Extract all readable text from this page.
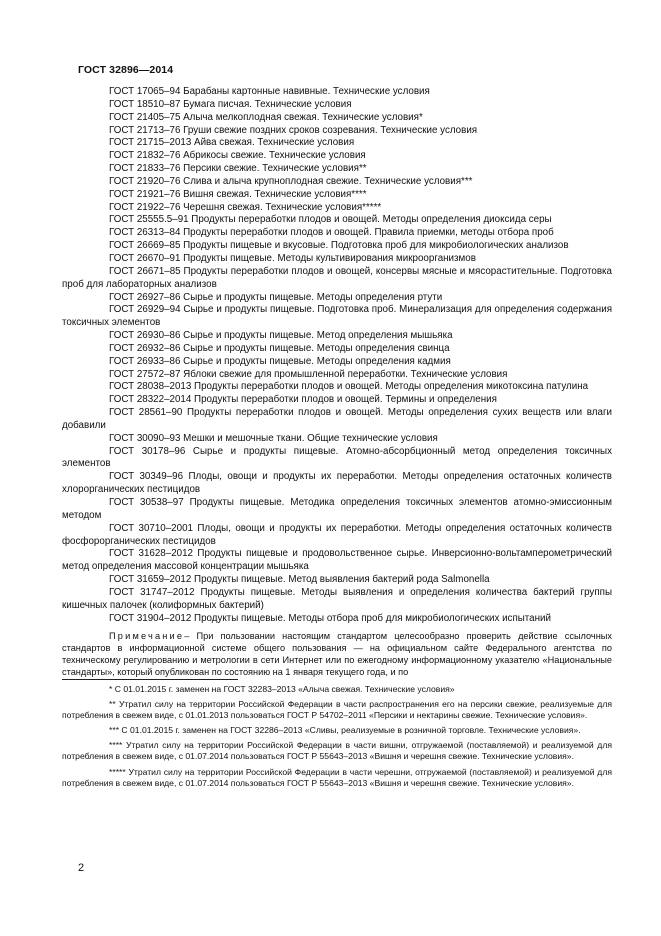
ГОСТ 32896—2014

ГОСТ 17065–94 Барабаны картонные навивные. Технические условия

ГОСТ 18510–87 Бумага писчая. Технические условия

ГОСТ 21405–75 Алыча мелкоплодная свежая. Технические условия*

ГОСТ 21713–76 Груши свежие поздних сроков созревания. Технические условия

ГОСТ 21715–2013 Айва свежая. Технические условия

ГОСТ 21832–76 Абрикосы свежие. Технические условия

ГОСТ 21833–76 Персики свежие. Технические условия**

ГОСТ 21920–76 Слива и алыча крупноплодная свежие. Технические условия***

ГОСТ 21921–76 Вишня свежая. Технические условия****

ГОСТ 21922–76 Черешня свежая. Технические условия*****

ГОСТ 25555.5–91 Продукты переработки плодов и овощей. Методы определения диоксида серы

ГОСТ 26313–84 Продукты переработки плодов и овощей. Правила приемки, методы отбора проб

ГОСТ 26669–85 Продукты пищевые и вкусовые. Подготовка проб для микробиологических анализов

ГОСТ 26670–91 Продукты пищевые. Методы культивирования микроорганизмов

ГОСТ 26671–85 Продукты переработки плодов и овощей, консервы мясные и мясорастительные. Подготовка проб для лабораторных анализов

ГОСТ 26927–86 Сырье и продукты пищевые. Методы определения ртути

ГОСТ 26929–94 Сырье и продукты пищевые. Подготовка проб. Минерализация для определения содержания токсичных элементов

ГОСТ 26930–86 Сырье и продукты пищевые. Метод определения мышьяка

ГОСТ 26932–86 Сырье и продукты пищевые. Методы определения свинца

ГОСТ 26933–86 Сырье и продукты пищевые. Методы определения кадмия

ГОСТ 27572–87 Яблоки свежие для промышленной переработки. Технические условия

ГОСТ 28038–2013 Продукты переработки плодов и овощей. Методы определения микотоксина патулина

ГОСТ 28322–2014 Продукты переработки плодов и овощей. Термины и определения

ГОСТ 28561–90 Продукты переработки плодов и овощей. Методы определения сухих веществ или влаги добавили

ГОСТ 30090–93 Мешки и мешочные ткани. Общие технические условия

ГОСТ 30178–96 Сырье и продукты пищевые. Атомно-абсорбционный метод определения токсичных элементов

ГОСТ 30349–96 Плоды, овощи и продукты их переработки. Методы определения остаточных количеств хлорорганических пестицидов

ГОСТ 30538–97 Продукты пищевые. Методика определения токсичных элементов атомно-эмиссионным методом

ГОСТ 30710–2001 Плоды, овощи и продукты их переработки. Методы определения остаточных количеств фосфорорганических пестицидов

ГОСТ 31628–2012 Продукты пищевые и продовольственное сырье. Инверсионно-вольтамперометрический метод определения массовой концентрации мышьяка

ГОСТ 31659–2012 Продукты пищевые. Метод выявления бактерий рода Salmonella

ГОСТ 31747–2012 Продукты пищевые. Методы выявления и определения количества бактерий группы кишечных палочек (колиформных бактерий)

ГОСТ 31904–2012 Продукты пищевые. Методы отбора проб для микробиологических испытаний

Примечание– При пользовании настоящим стандартом целесообразно проверить действие ссылочных стандартов в информационной системе общего пользования — на официальном сайте Федерального агентства по техническому регулированию и метрологии в сети Интернет или по ежегодному информационному указателю «Национальные стандарты», который опубликован по состоянию на 1 января текущего года, и по

* С 01.01.2015 г. заменен на ГОСТ 32283–2013 «Алыча свежая. Технические условия»

** Утратил силу на территории Российской Федерации в части распространения его на персики свежие, реализуемые для потребления в свежем виде, с 01.01.2013 пользоваться ГОСТ Р 54702–2011 «Персики и нектарины свежие. Технические условия».

*** С 01.01.2015 г. заменен на ГОСТ 32286–2013 «Сливы, реализуемые в розничной торговле. Технические условия».

**** Утратил силу на территории Российской Федерации в части вишни, отгружаемой (поставляемой) и реализуемой для потребления в свежем виде, с 01.07.2014 пользоваться ГОСТ Р 55643–2013 «Вишня и черешня свежие. Технические условия».

***** Утратил силу на территории Российской Федерации в части черешни, отгружаемой (поставляемой) и реализуемой для потребления в свежем виде, с 01.07.2014 пользоваться ГОСТ Р 55643–2013 «Вишня и черешня свежие. Технические условия».

2
